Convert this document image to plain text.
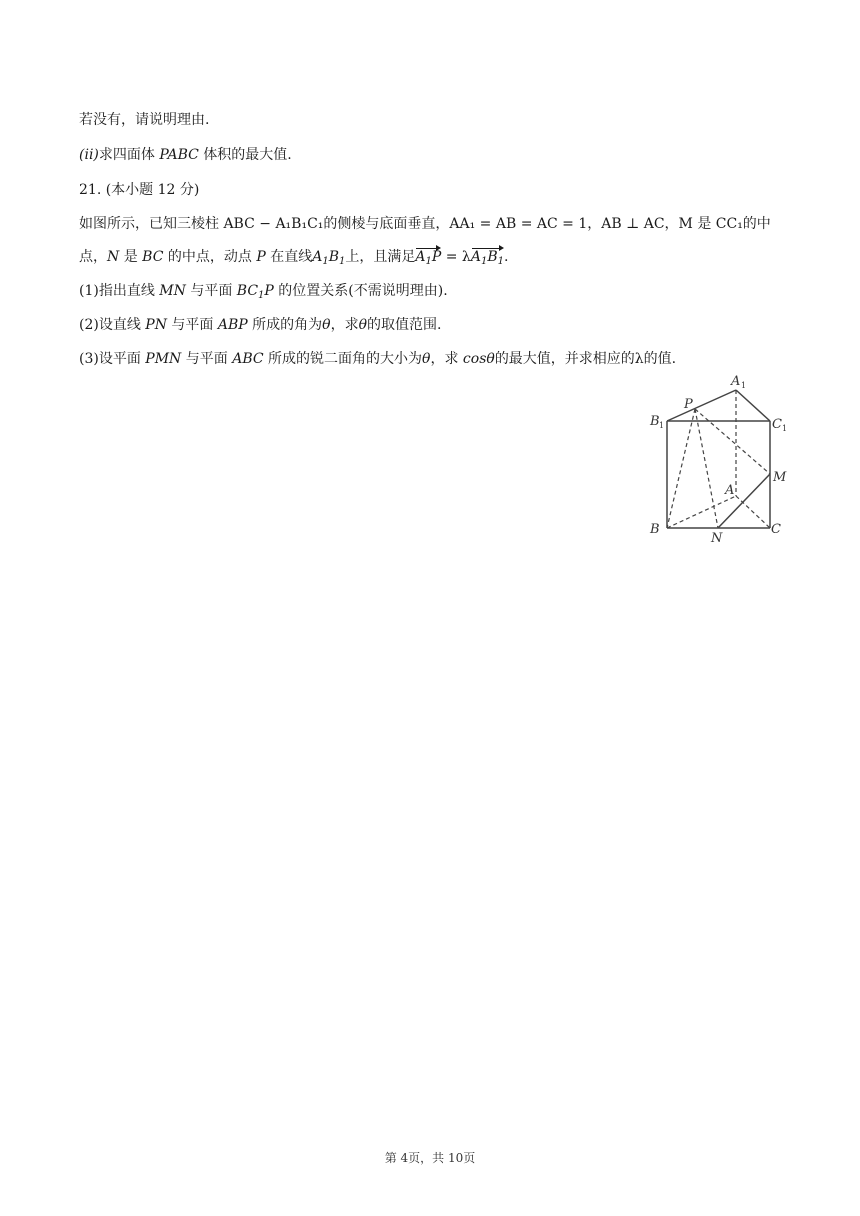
若没有，请说明理由.
(ii)求四面体 PABC 体积的最大值.
21. (本小题 12 分)
如图所示，已知三棱柱 ABC − A₁B₁C₁的侧棱与底面垂直，AA₁ = AB = AC = 1，AB ⊥ AC，M 是 CC₁的中
点，N 是 BC 的中点，动点 P 在直线$A_1B_1$上，且满足$A_1P = \lambda A_1B_1$.
(1)指出直线 MN 与平面 $BC_1P$ 的位置关系(不需说明理由).
(2)设直线 PN 与平面 ABP 所成的角为θ，求θ的取值范围.
(3)设平面 PMN 与平面 ABC 所成的锐二面角的大小为θ，求 cosθ的最大值，并求相应的λ的值.
A 1
B 1	C 1
P
M
A
B
N
C
第 4页，共 10页
